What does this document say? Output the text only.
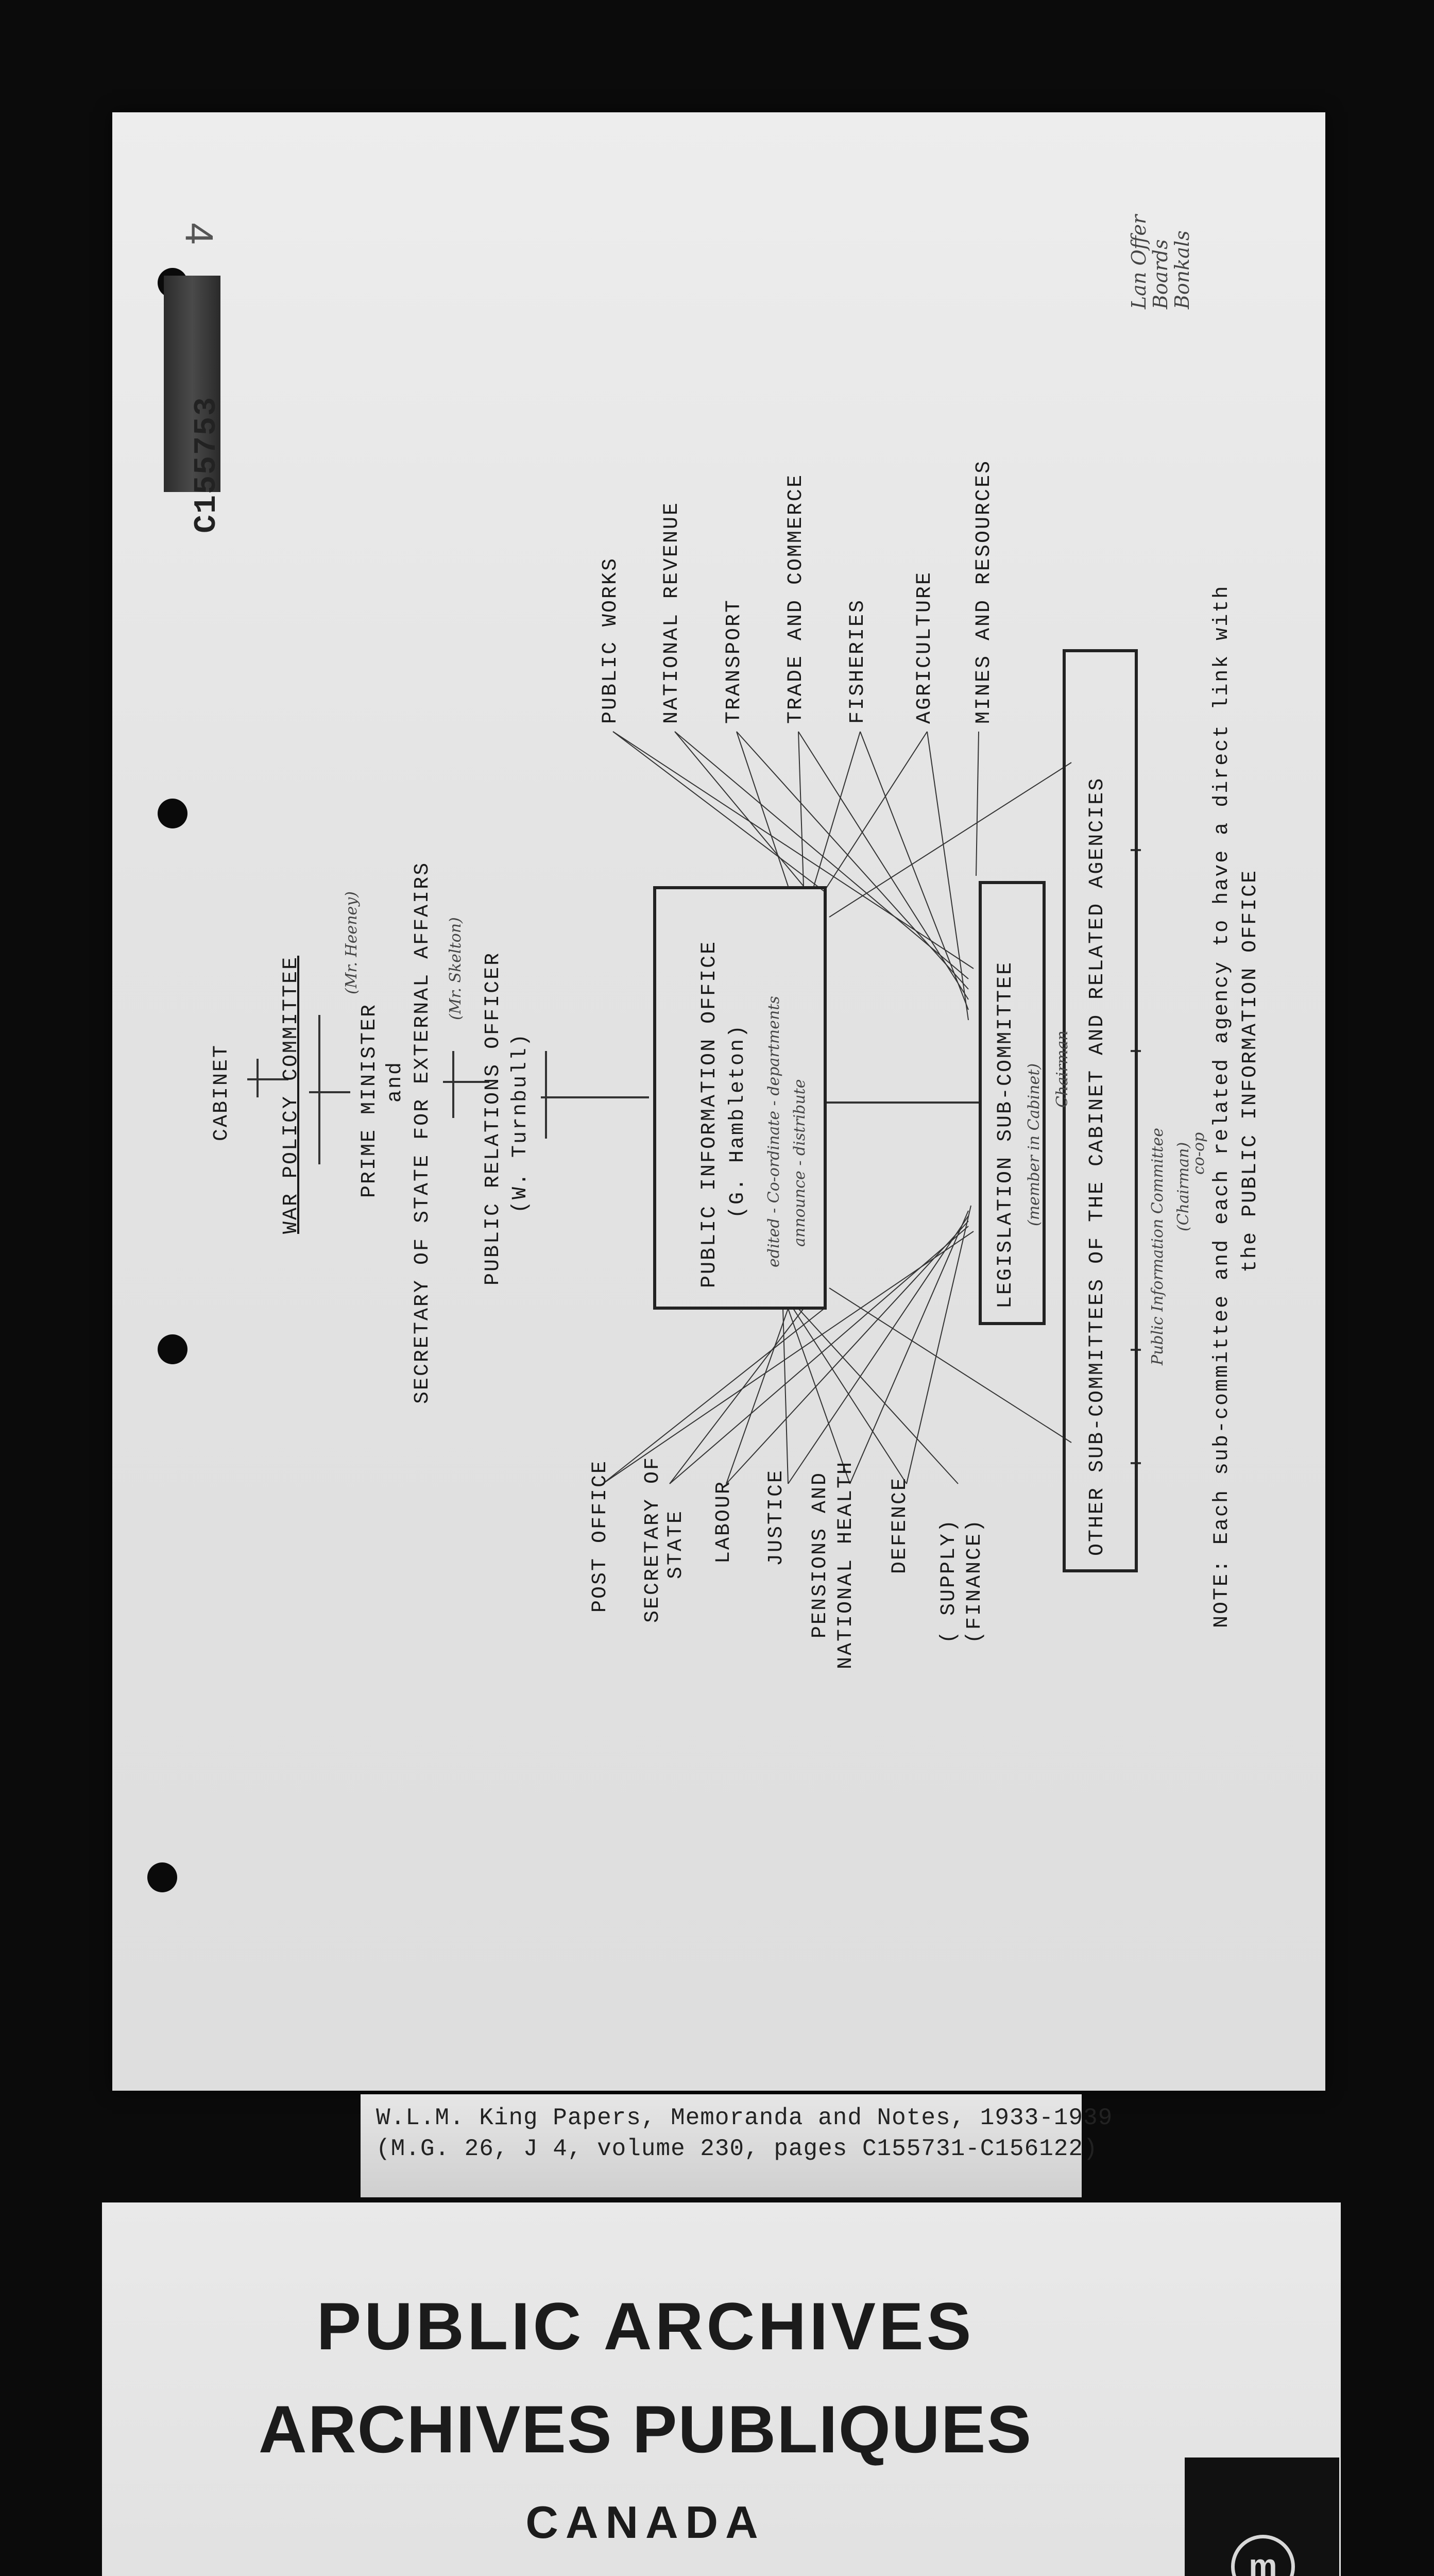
4
C155753
Lan Offer
Boards
Bonkals
CABINET WAR POLICY COMMITTEE	PRIME MINISTER
(Mr. Heeney)
and SECRETARY OF STATE FOR EXTERNAL AFFAIRS (Mr. Skelton) PUBLIC RELATIONS OFFICER (W. Turnbull)	PUBLIC INFORMATION OFFICE (G. Hambleton) edited - Co-ordinate - departments announce - distribute	LEGISLATION SUB-COMMITTEE Chairman
(member in Cabinet) OTHER SUB-COMMITTEES OF THE CABINET AND RELATED AGENCIES	Public Information Committee (Chairman)
co-op
PUBLIC WORKS NATIONAL REVENUE TRANSPORT TRADE AND COMMERCE FISHERIES AGRICULTURE MINES AND RESOURCES
POST OFFICE SECRETARY OF STATE LABOUR JUSTICE PENSIONS AND NATIONAL HEALTH DEFENCE ( SUPPLY) (FINANCE)	NOTE: Each sub-committee and each related agency to have a direct link with the PUBLIC INFORMATION OFFICE
W.L.M. King Papers, Memoranda and Notes, 1933-1939
(M.G. 26, J 4, volume 230, pages C155731-C156122)
PUBLIC ARCHIVES
ARCHIVES PUBLIQUES
CANADA
m
